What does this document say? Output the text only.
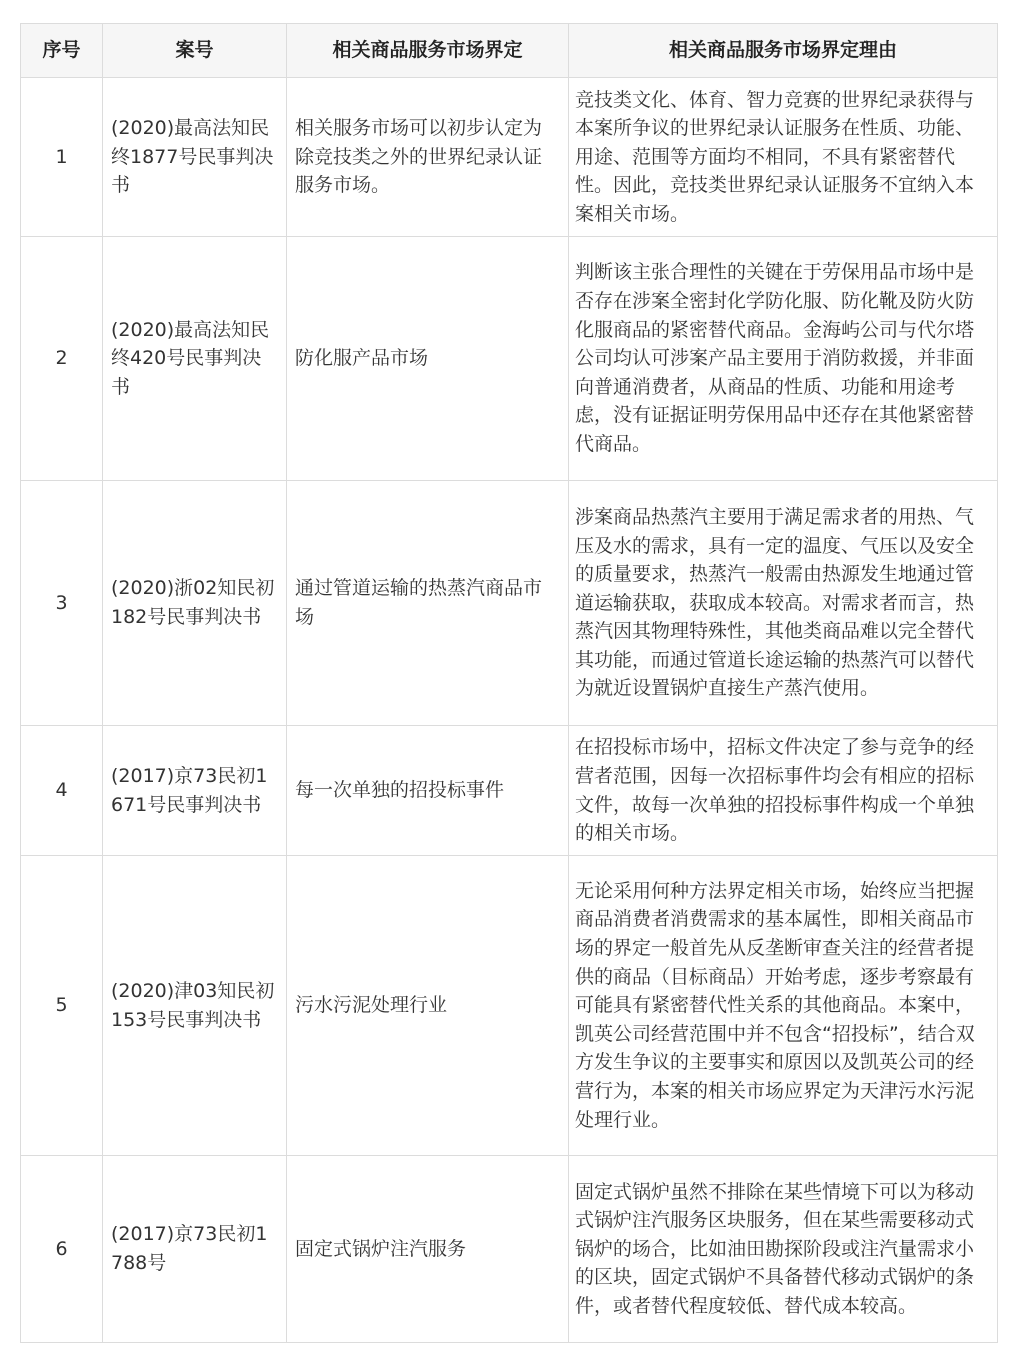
序号	案号	相关商品服务市场界定	相关商品服务市场界定理由
1	(2020)最高法知民终1877号民事判决书	相关服务市场可以初步认定为除竞技类之外的世界纪录认证服务市场。	竞技类文化、体育、智力竞赛的世界纪录获得与本案所争议的世界纪录认证服务在性质、功能、用途、范围等方面均不相同，不具有紧密替代性。因此，竞技类世界纪录认证服务不宜纳入本案相关市场。
2	(2020)最高法知民终420号民事判决书	防化服产品市场	判断该主张合理性的关键在于劳保用品市场中是否存在涉案全密封化学防化服、防化靴及防火防化服商品的紧密替代商品。金海屿公司与代尔塔公司均认可涉案产品主要用于消防救援，并非面向普通消费者，从商品的性质、功能和用途考虑，没有证据证明劳保用品中还存在其他紧密替代商品。
3	(2020)浙02知民初182号民事判决书	通过管道运输的热蒸汽商品市场	涉案商品热蒸汽主要用于满足需求者的用热、气压及水的需求，具有一定的温度、气压以及安全的质量要求，热蒸汽一般需由热源发生地通过管道运输获取，获取成本较高。对需求者而言，热蒸汽因其物理特殊性，其他类商品难以完全替代其功能，而通过管道长途运输的热蒸汽可以替代为就近设置锅炉直接生产蒸汽使用。
4	(2017)京73民初1671号民事判决书	每一次单独的招投标事件	在招投标市场中，招标文件决定了参与竞争的经营者范围，因每一次招标事件均会有相应的招标文件，故每一次单独的招投标事件构成一个单独的相关市场。
5	(2020)津03知民初153号民事判决书	污水污泥处理行业	无论采用何种方法界定相关市场，始终应当把握商品消费者消费需求的基本属性，即相关商品市场的界定一般首先从反垄断审查关注的经营者提供的商品（目标商品）开始考虑，逐步考察最有可能具有紧密替代性关系的其他商品。本案中，凯英公司经营范围中并不包含“招投标”，结合双方发生争议的主要事实和原因以及凯英公司的经营行为，本案的相关市场应界定为天津污水污泥处理行业。
6	(2017)京73民初1788号	固定式锅炉注汽服务	固定式锅炉虽然不排除在某些情境下可以为移动式锅炉注汽服务区块服务，但在某些需要移动式锅炉的场合，比如油田勘探阶段或注汽量需求小的区块，固定式锅炉不具备替代移动式锅炉的条件，或者替代程度较低、替代成本较高。
